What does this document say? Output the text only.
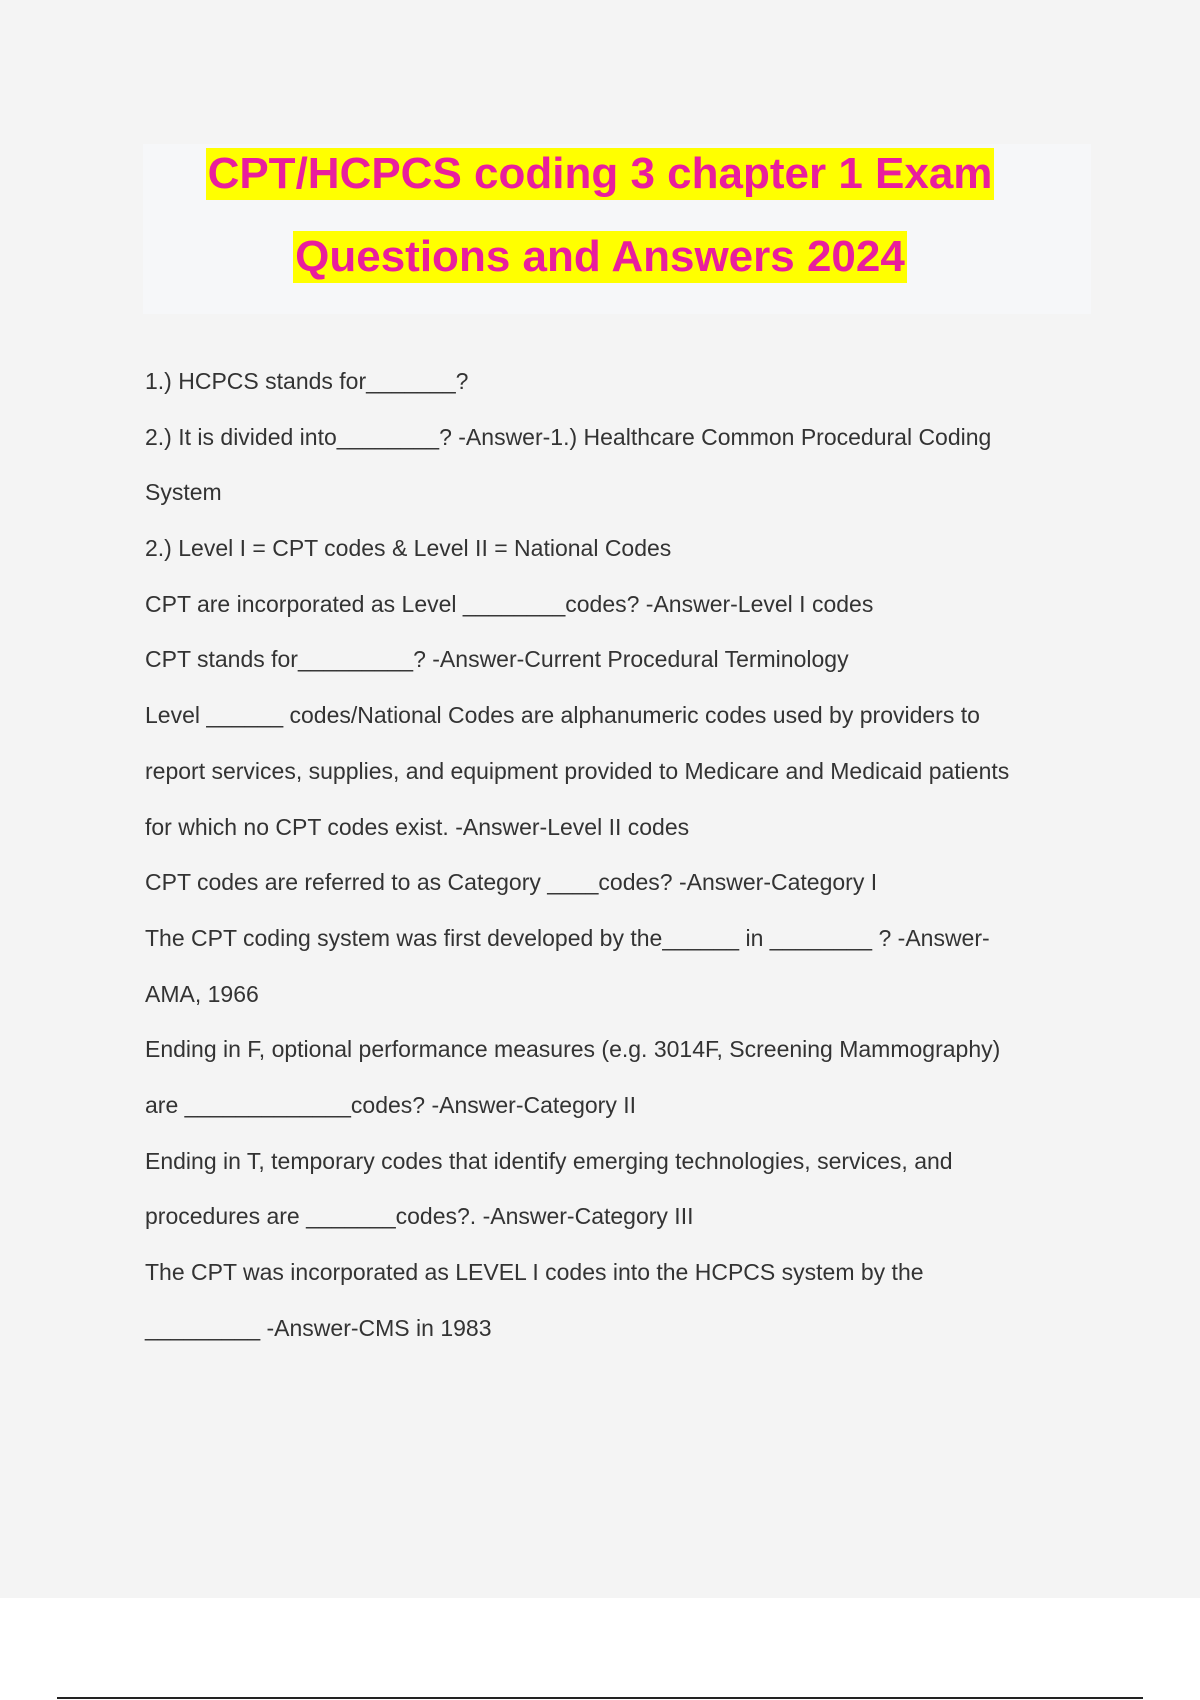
CPT/HCPCS coding 3 chapter 1 Exam
Questions and Answers 2024
1.) HCPCS stands for_______?
2.) It is divided into________? -Answer-1.) Healthcare Common Procedural Coding
System
2.) Level I = CPT codes & Level II = National Codes
CPT are incorporated as Level ________codes? -Answer-Level I codes
CPT stands for_________? -Answer-Current Procedural Terminology
Level ______ codes/National Codes are alphanumeric codes used by providers to
report services, supplies, and equipment provided to Medicare and Medicaid patients
for which no CPT codes exist. -Answer-Level II codes
CPT codes are referred to as Category ____codes? -Answer-Category I
The CPT coding system was first developed by the______ in ________ ? -Answer-
AMA, 1966
Ending in F, optional performance measures (e.g. 3014F, Screening Mammography)
are _____________codes? -Answer-Category II
Ending in T, temporary codes that identify emerging technologies, services, and
procedures are _______codes?. -Answer-Category III
The CPT was incorporated as LEVEL I codes into the HCPCS system by the
_________ -Answer-CMS in 1983
